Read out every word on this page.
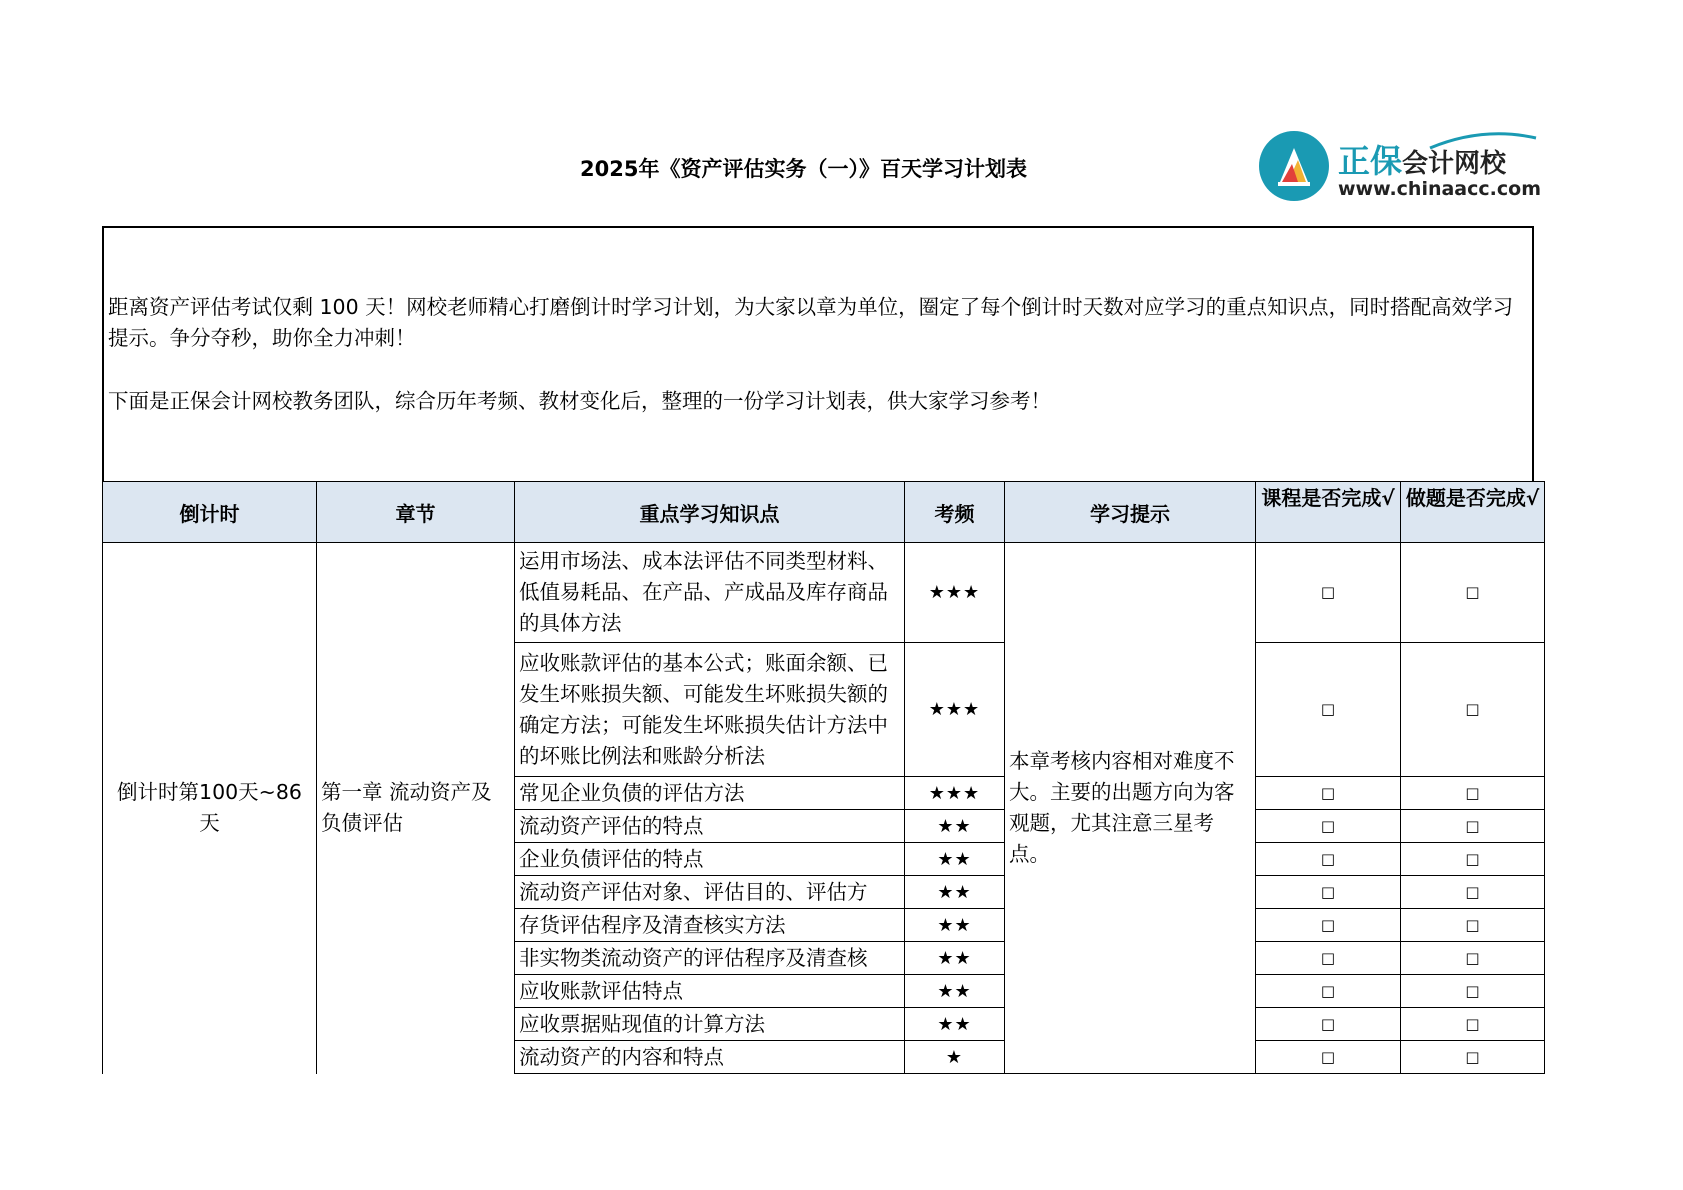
2025年《资产评估实务（一）》百天学习计划表	正保会计网校
www.chinaacc.com

距离资产评估考试仅剩 100 天！网校老师精心打磨倒计时学习计划，为大家以章为单位，圈定了每个倒计时天数对应学习的重点知识点，同时搭配高效学习提示。争分夺秒，助你全力冲刺！

下面是正保会计网校教务团队，综合历年考频、教材变化后，整理的一份学习计划表，供大家学习参考！

倒计时	章节	重点学习知识点	考频	学习提示	课程是否完成√	做题是否完成√
倒计时第100天~86天	第一章 流动资产及负债评估	运用市场法、成本法评估不同类型材料、低值易耗品、在产品、产成品及库存商品的具体方法	★★★	本章考核内容相对难度不大。主要的出题方向为客观题，尤其注意三星考点。	□	□
		应收账款评估的基本公式；账面余额、已发生坏账损失额、可能发生坏账损失额的确定方法；可能发生坏账损失估计方法中的坏账比例法和账龄分析法	★★★		□	□
		常见企业负债的评估方法	★★★		□	□
		流动资产评估的特点	★★		□	□
		企业负债评估的特点	★★		□	□
		流动资产评估对象、评估目的、评估方	★★		□	□
		存货评估程序及清查核实方法	★★		□	□
		非实物类流动资产的评估程序及清查核	★★		□	□
		应收账款评估特点	★★		□	□
		应收票据贴现值的计算方法	★★		□	□
		流动资产的内容和特点	★		□	□
